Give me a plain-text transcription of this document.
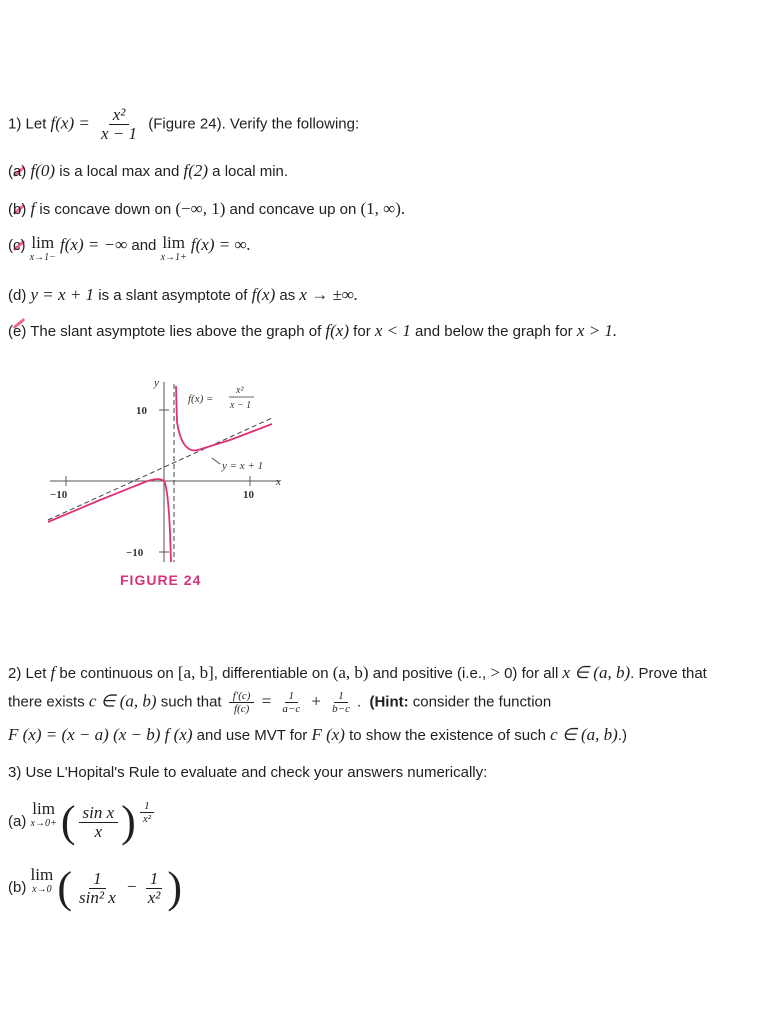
1) Let $f(x) = \frac{\text{x²}}{x - 1}$ (Figure 24). Verify the following:
(a) f(0) is a local max and f(2) a local min.
(b) f is concave down on (−∞, 1) and concave up on (1, ∞).
(c) lim
x→1−
f(x) = −∞ and lim
x→1+
f(x) = ∞.
(d) y = x + 1 is a slant asymptote of f(x) as x → ±∞.
(e) The slant asymptote lies above the graph of f(x) for x < 1 and below the graph for x > 1.
y
x
10
−10
−10	10
f(x) =
x²
x − 1
y = x + 1
FIGURE 24
2) Let f be continuous on [a, b], differentiable on (a, b) and positive (i.e., > 0) for all x ∈ (a, b). Prove that
there exists c ∈ (a, b) such that $\frac{f'(c)}{f(c)} = \frac{1}{a-c} + \frac{1}{b-c}$ . (Hint: consider the function
F (x) = (x − a) (x − b) f (x) and use MVT for F (x) to show the existence of such c ∈ (a, b).)
3) Use L'Hopital's Rule to evaluate and check your answers numerically:
(a)
lim
x→0+ ( $\frac{\text{sin x}}{x}$ ) $\frac{1}{\text{x²}}$
(b)
lim
x→0 ( $\frac{1}{\text{sin² x}} - \frac{1}{\text{x²}}$ )
